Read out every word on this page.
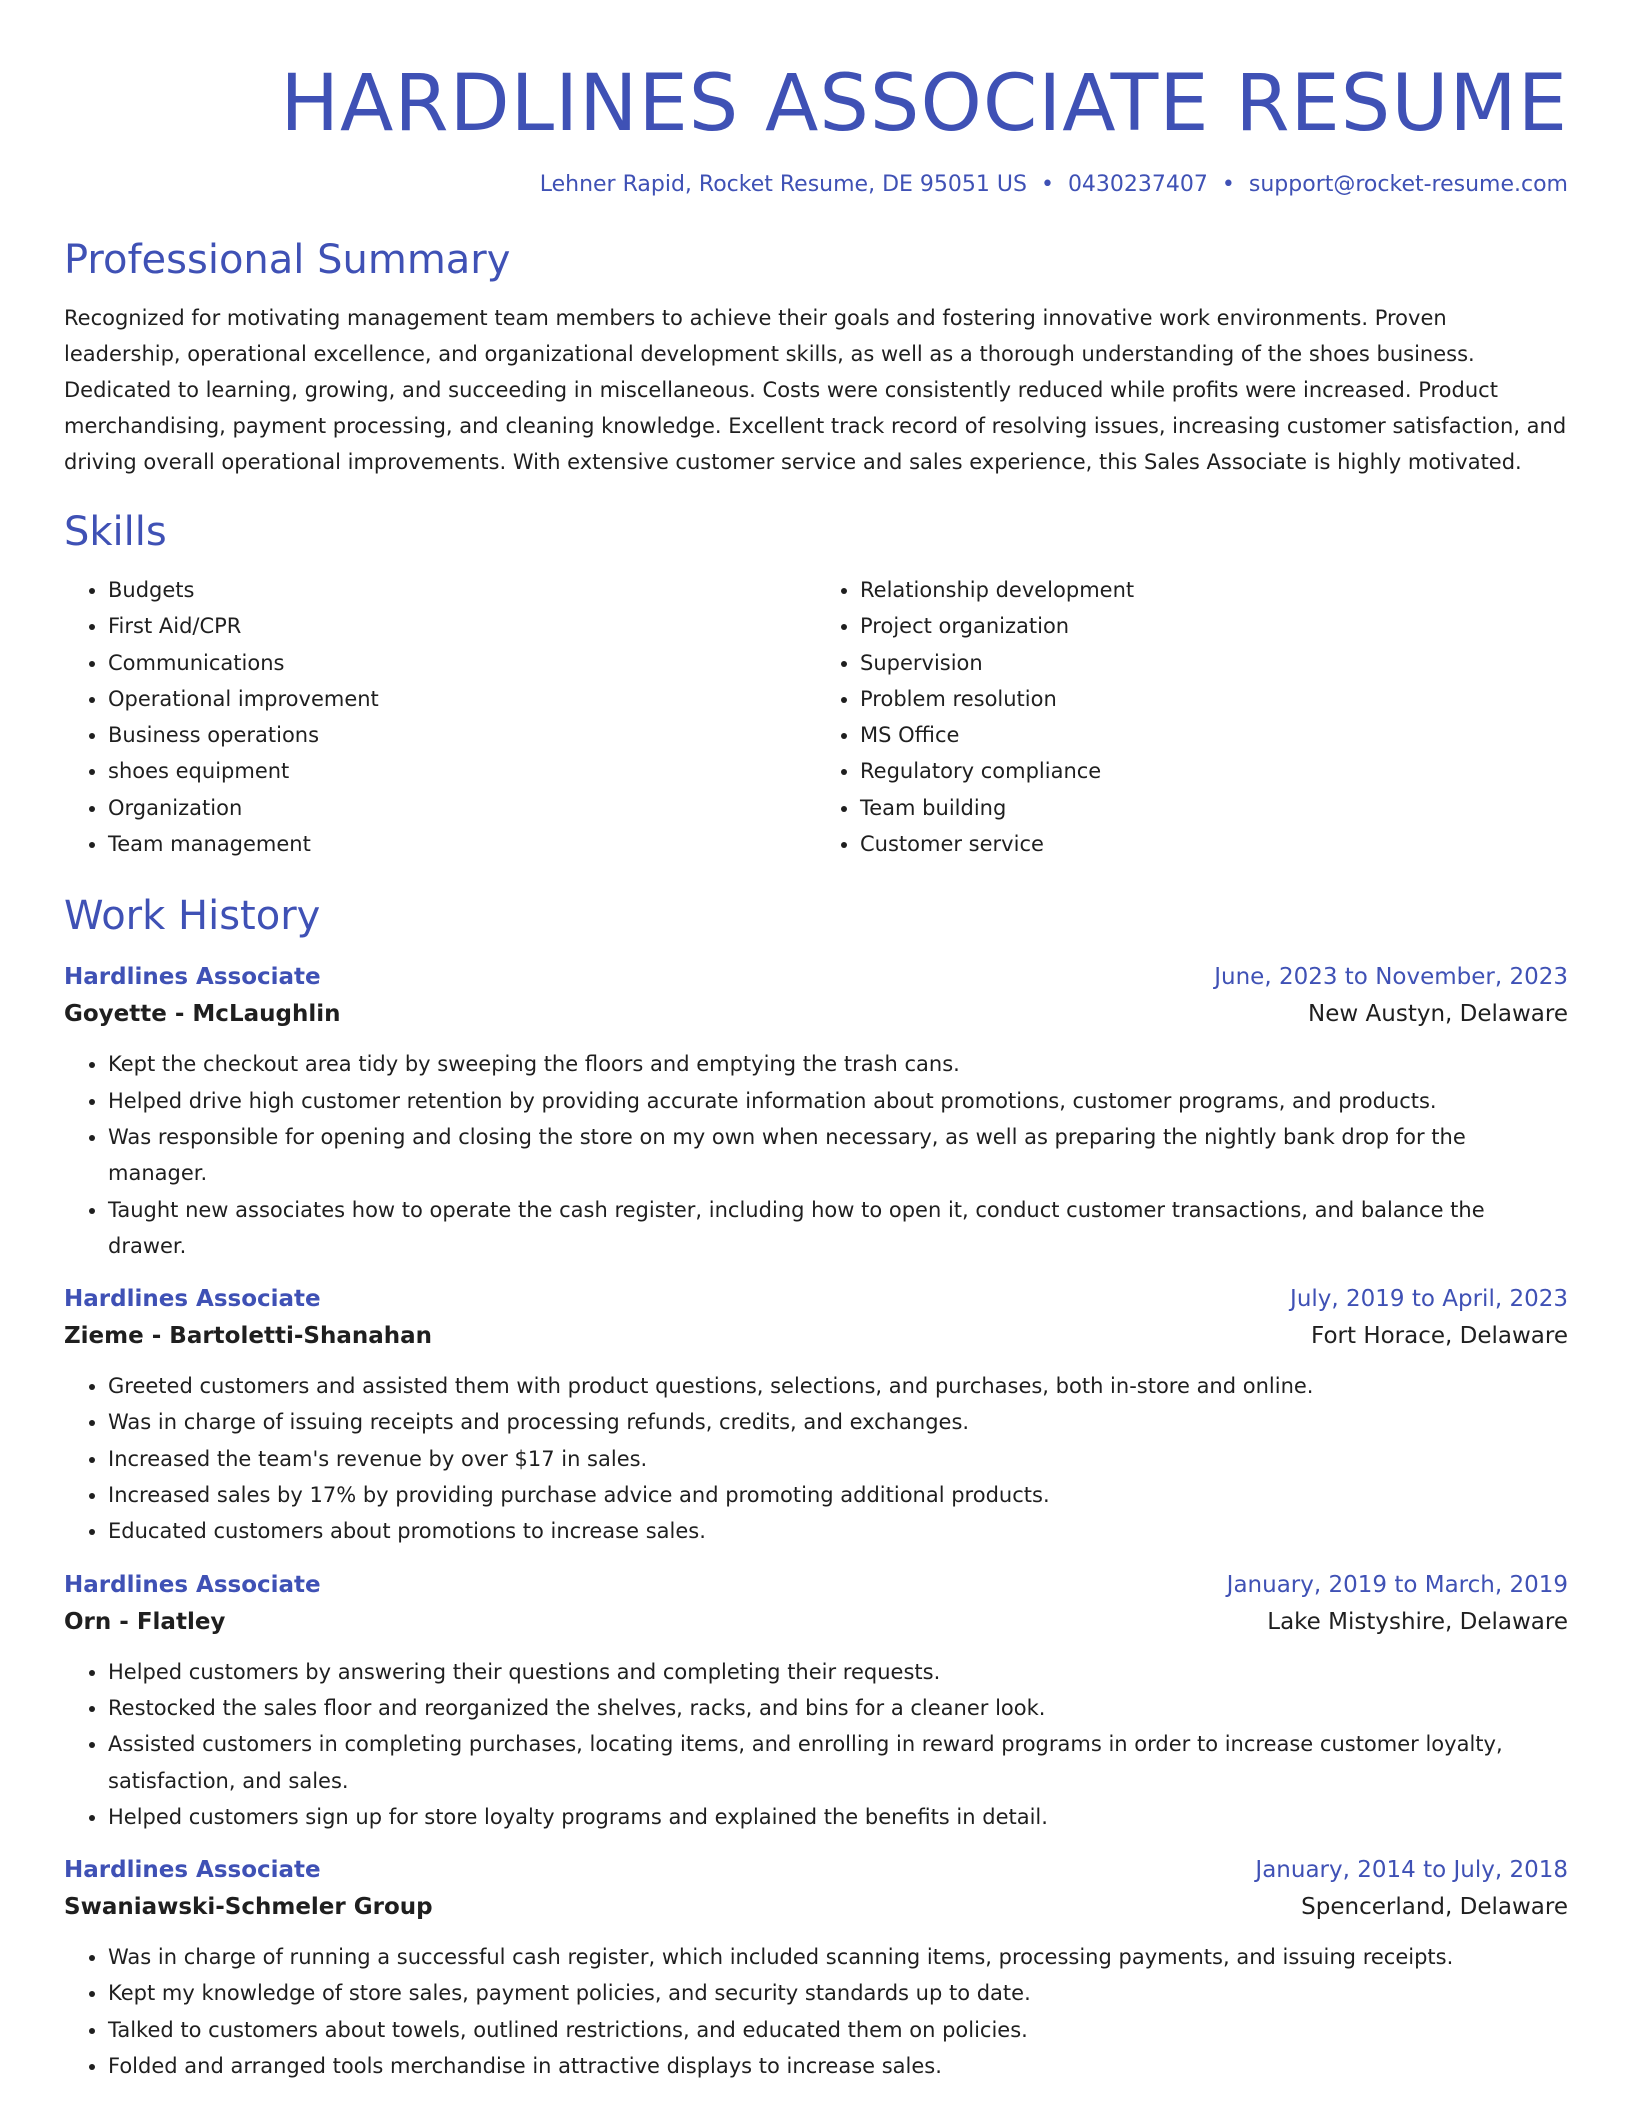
HARDLINES ASSOCIATE RESUME
Lehner Rapid, Rocket Resume, DE 95051 US • 0430237407 • support@rocket-resume.com
Professional Summary

Recognized for motivating management team members to achieve their goals and fostering innovative work environments. Proven leadership, operational excellence, and organizational development skills, as well as a thorough understanding of the shoes business. Dedicated to learning, growing, and succeeding in miscellaneous. Costs were consistently reduced while profits were increased. Product merchandising, payment processing, and cleaning knowledge. Excellent track record of resolving issues, increasing customer satisfaction, and driving overall operational improvements. With extensive customer service and sales experience, this Sales Associate is highly motivated.

Skills
• Budgets
• First Aid/CPR
• Communications
• Operational improvement
• Business operations
• shoes equipment
• Organization
• Team management
• Relationship development
• Project organization
• Supervision
• Problem resolution
• MS Office
• Regulatory compliance
• Team building
• Customer service
Work History
Hardlines Associate	June, 2023 to November, 2023
Goyette - McLaughlin	New Austyn, Delaware
• Kept the checkout area tidy by sweeping the floors and emptying the trash cans.
• Helped drive high customer retention by providing accurate information about promotions, customer programs, and products.
• Was responsible for opening and closing the store on my own when necessary, as well as preparing the nightly bank drop for the manager.
• Taught new associates how to operate the cash register, including how to open it, conduct customer transactions, and balance the drawer.
Hardlines Associate	July, 2019 to April, 2023
Zieme - Bartoletti-Shanahan	Fort Horace, Delaware
• Greeted customers and assisted them with product questions, selections, and purchases, both in-store and online.
• Was in charge of issuing receipts and processing refunds, credits, and exchanges.
• Increased the team's revenue by over $17 in sales.
• Increased sales by 17% by providing purchase advice and promoting additional products.
• Educated customers about promotions to increase sales.
Hardlines Associate	January, 2019 to March, 2019
Orn - Flatley	Lake Mistyshire, Delaware
• Helped customers by answering their questions and completing their requests.
• Restocked the sales floor and reorganized the shelves, racks, and bins for a cleaner look.
• Assisted customers in completing purchases, locating items, and enrolling in reward programs in order to increase customer loyalty, satisfaction, and sales.
• Helped customers sign up for store loyalty programs and explained the benefits in detail.
Hardlines Associate	January, 2014 to July, 2018
Swaniawski-Schmeler Group	Spencerland, Delaware
• Was in charge of running a successful cash register, which included scanning items, processing payments, and issuing receipts.
• Kept my knowledge of store sales, payment policies, and security standards up to date.
• Talked to customers about towels, outlined restrictions, and educated them on policies.
• Folded and arranged tools merchandise in attractive displays to increase sales.
